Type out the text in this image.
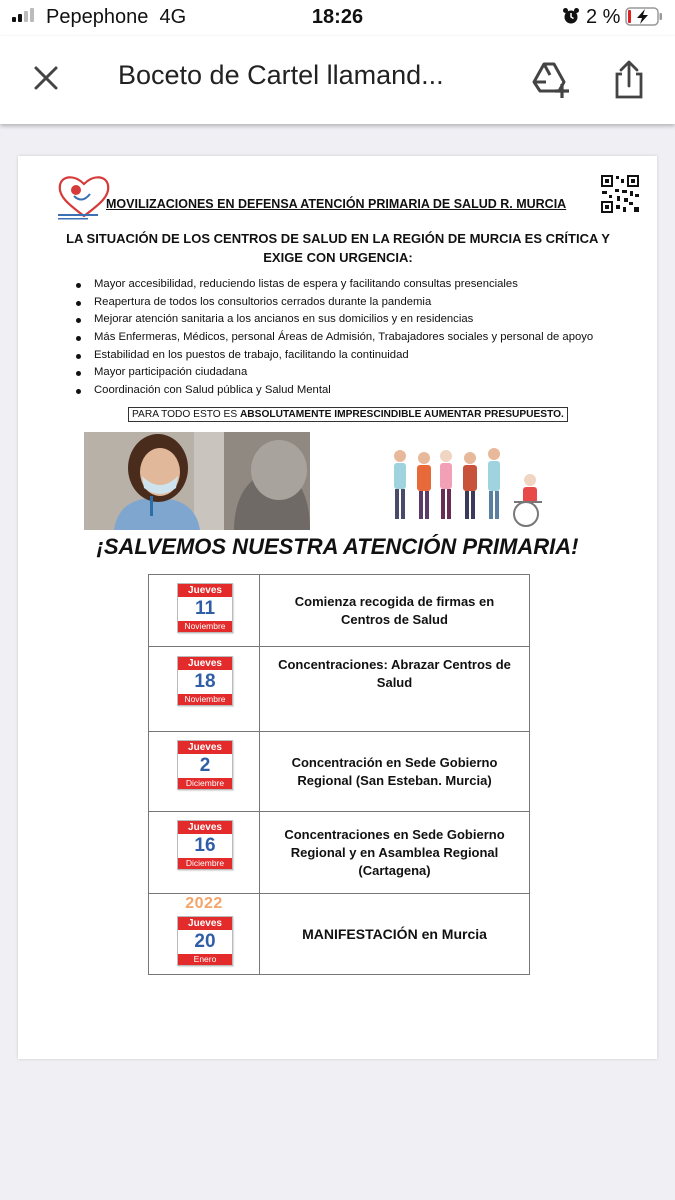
Pepephone 4G	18:26	2 %
Boceto de Cartel llamand...
MOVILIZACIONES EN DEFENSA ATENCIÓN PRIMARIA DE SALUD R. MURCIA
LA SITUACIÓN DE LOS CENTROS DE SALUD EN LA REGIÓN DE MURCIA ES CRÍTICA Y EXIGE CON URGENCIA:
Mayor accesibilidad, reduciendo listas de espera y facilitando consultas presenciales
Reapertura de todos los consultorios cerrados durante la pandemia
Mejorar atención sanitaria a los ancianos en sus domicilios y en residencias
Más Enfermeras, Médicos, personal Áreas de Admisión, Trabajadores sociales y personal de apoyo
Estabilidad en los puestos de trabajo, facilitando la continuidad
Mayor participación ciudadana
Coordinación con Salud pública y Salud Mental
PARA TODO ESTO ES ABSOLUTAMENTE IMPRESCINDIBLE AUMENTAR PRESUPUESTO.
¡SALVEMOS NUESTRA ATENCIÓN PRIMARIA!
Jueves
11
Noviembre
Comienza recogida de firmas en Centros de Salud
Jueves
18
Noviembre
Concentraciones: Abrazar Centros de Salud
Jueves
2
Diciembre
Concentración en Sede Gobierno Regional (San Esteban. Murcia)
Jueves
16
Diciembre
Concentraciones en Sede Gobierno Regional y en Asamblea Regional (Cartagena)
2022
Jueves
20
Enero
MANIFESTACIÓN en Murcia
